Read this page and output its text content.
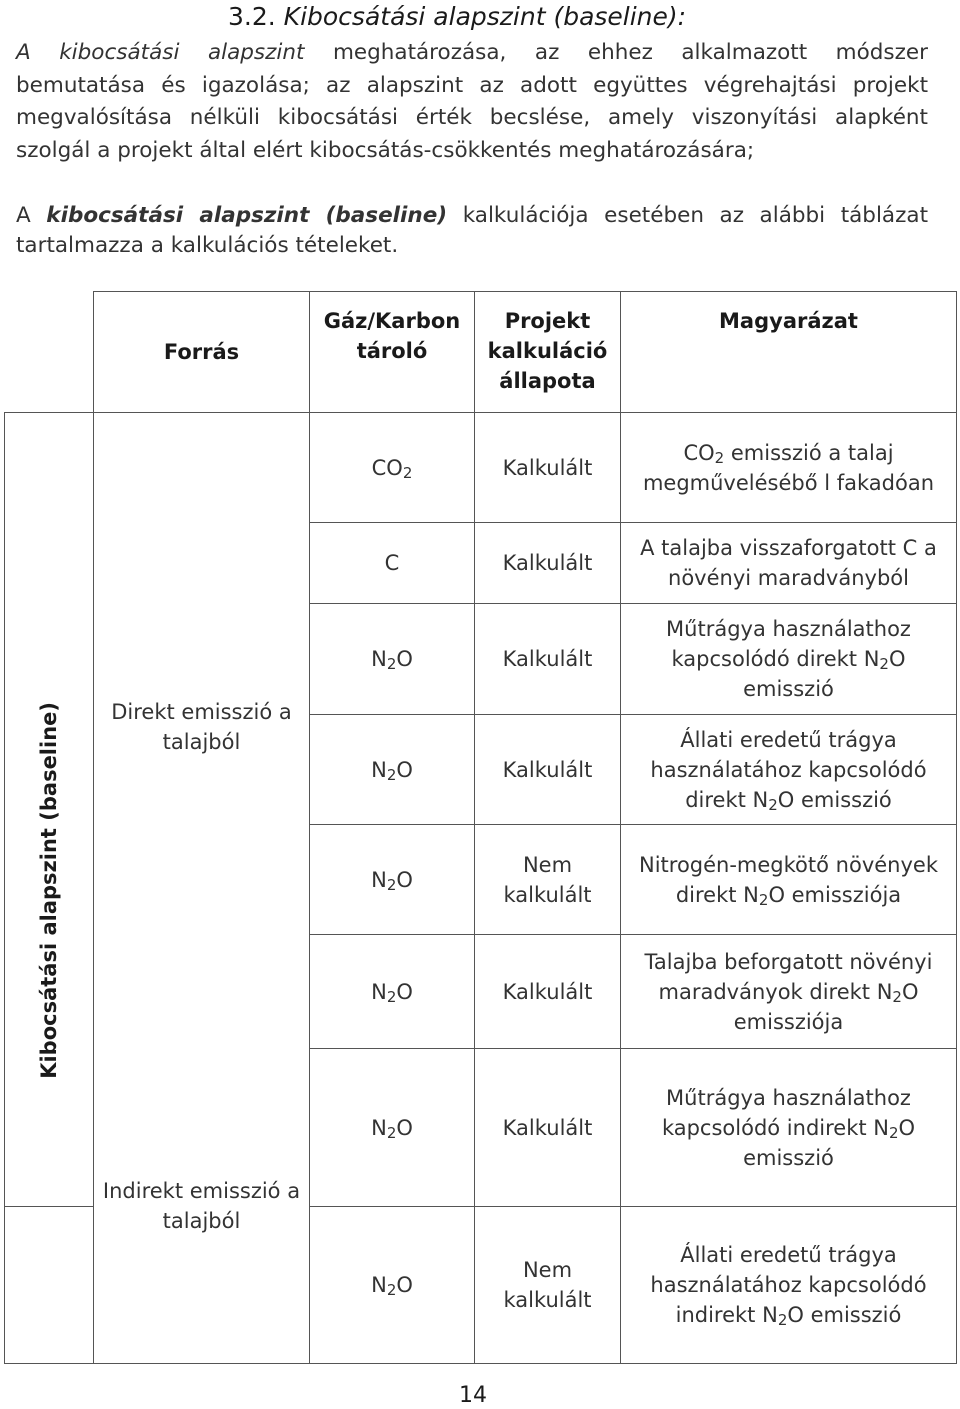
3.2. Kibocsátási alapszint (baseline):
A kibocsátási alapszint meghatározása, az ehhez alkalmazott módszer
bemutatása és igazolása; az alapszint az adott együttes végrehajtási projekt megvalósítása nélküli kibocsátási érték becslése, amely viszonyítási alapként szolgál a projekt által elért kibocsátás-csökkentés meghatározására;
A kibocsátási alapszint (baseline) kalkulációja esetében az alábbi táblázat
tartalmazza a kalkulációs tételeket.
	Forrás	Gáz/Karbon tároló	Projekt kalkuláció állapota	Magyarázat

Kibocsátási alapszint (baseline)	Direkt emisszió a talajból	$CO_2$	Kalkulált	$CO_2$ emisszió a talaj megművelésébő l fakadóan
		C	Kalkulált	A talajba visszaforgatott C a növényi maradványból
		$N_2O$	Kalkulált	Műtrágya használathoz kapcsolódó direkt $N_2O$ emisszió
		$N_2O$	Kalkulált	Állati eredetű trágya használatához kapcsolódó direkt $N_2O$ emisszió
		$N_2O$	Nem kalkulált	Nitrogén-megkötő növények direkt $N_2O$ emissziója
		$N_2O$	Kalkulált	Talajba beforgatott növényi maradványok direkt $N_2O$ emissziója
	Indirekt emisszió a talajból	$N_2O$	Kalkulált	Műtrágya használathoz kapcsolódó indirekt $N_2O$ emisszió
		$N_2O$	Nem kalkulált	Állati eredetű trágya használatához kapcsolódó indirekt $N_2O$ emisszió
14
